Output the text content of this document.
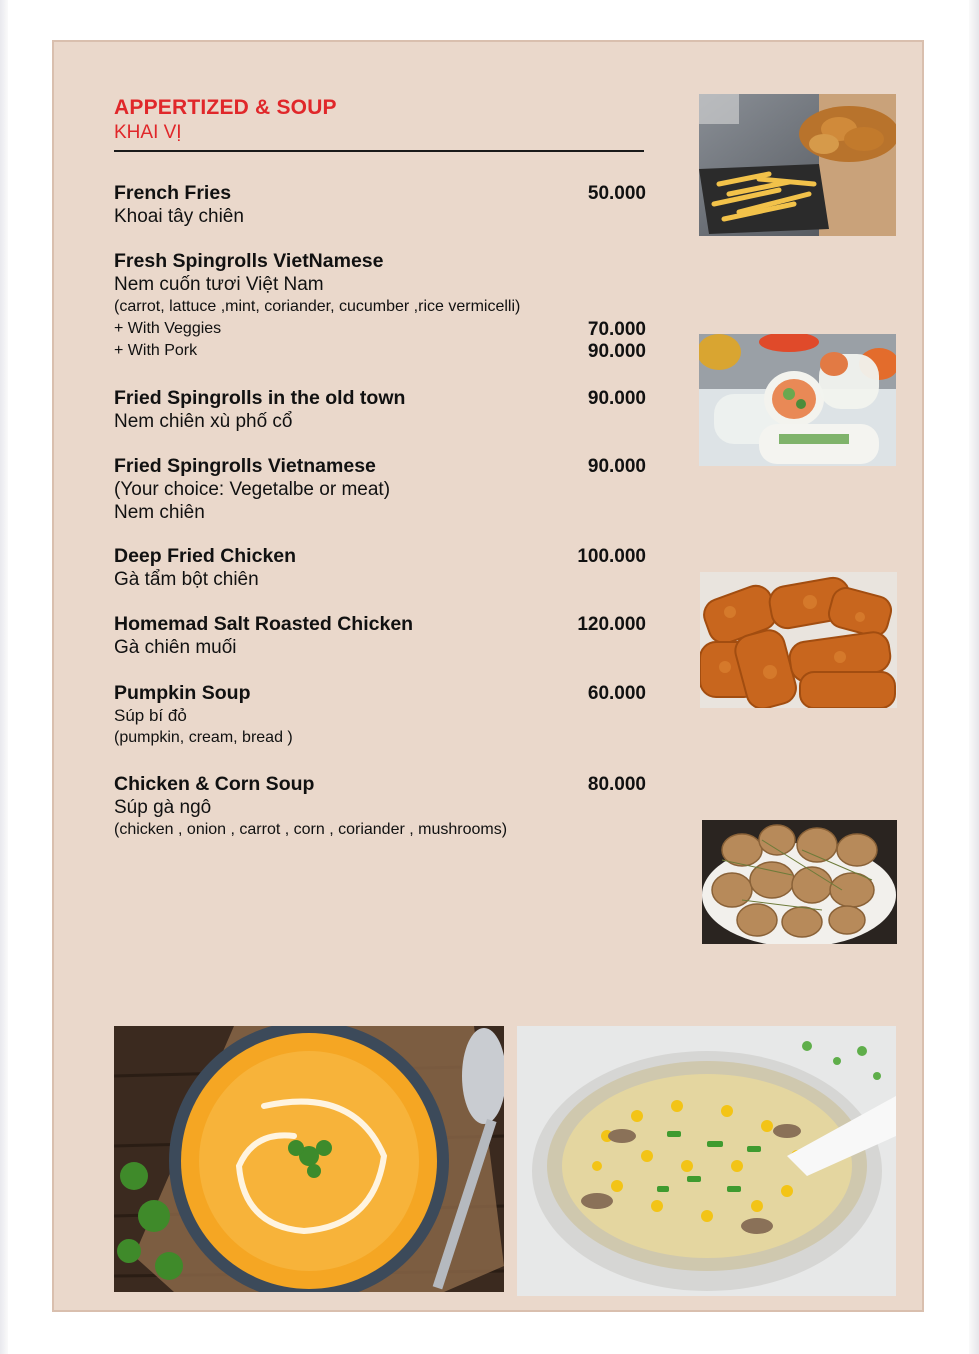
APPERTIZED & SOUP
KHAI VỊ
50.000
French Fries
Khoai tây chiên
Fresh Spingrolls VietNamese
Nem cuốn tươi Việt Nam
(carrot, lattuce ,mint, coriander, cucumber ,rice vermicelli)
+ With Veggies	70.000
+ With Pork	90.000
90.000
Fried Spingrolls in the old town
Nem chiên xù phố cổ
90.000
Fried Spingrolls Vietnamese
(Your choice: Vegetalbe or meat)
Nem chiên
100.000
Deep Fried Chicken
Gà tẩm bột chiên
120.000
Homemad Salt Roasted Chicken
Gà chiên muối
60.000
Pumpkin Soup
Súp bí đỏ
(pumpkin, cream, bread )
80.000
Chicken & Corn Soup
Súp gà ngô
(chicken , onion , carrot , corn , coriander , mushrooms)
